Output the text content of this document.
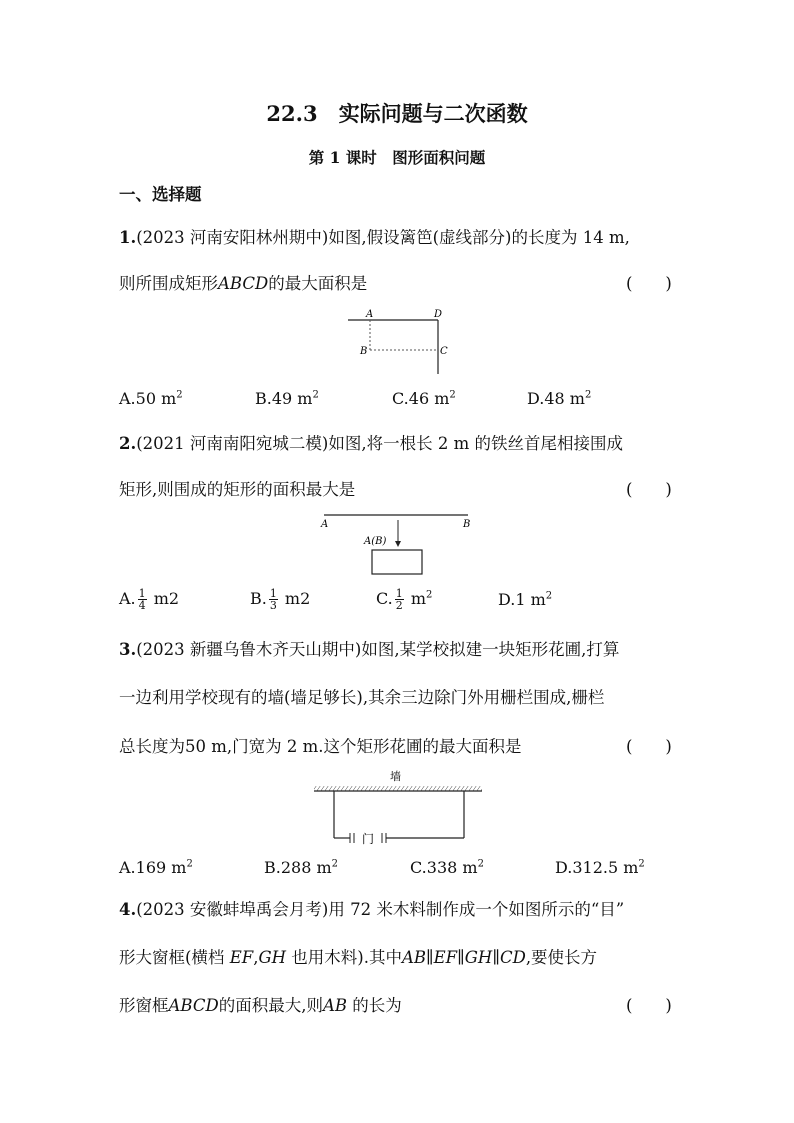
22.3　实际问题与二次函数
第 1 课时　图形面积问题
一、选择题
1.(2023 河南安阳林州期中)如图,假设篱笆(虚线部分)的长度为 14 m,
则所围成矩形ABCD的最大面积是	(　　)
A	D
B	C
A.50 $m^2$	B.49 $m^2$	C.46 $m^2$	D.48 $m^2$
2.(2021 河南南阳宛城二模)如图,将一根长 2 m 的铁丝首尾相接围成
矩形,则围成的矩形的面积最大是	(　　)
A	B
A(B)
A. $\frac{1}{4} m2$	B. $\frac{1}{3} m2$	C. $\frac{1}{2} m^2$	D.1 $m^2$
3.(2023 新疆乌鲁木齐天山期中)如图,某学校拟建一块矩形花圃,打算
一边利用学校现有的墙(墙足够长),其余三边除门外用栅栏围成,栅栏
总长度为50 m,门宽为 2 m.这个矩形花圃的最大面积是	(　　)
墙
门
A.169 $m^2$	B.288 $m^2$	C.338 $m^2$	D.312.5 $m^2$
4.(2023 安徽蚌埠禹会月考)用 72 米木料制作成一个如图所示的“目”
形大窗框(横档 EF,GH 也用木料).其中AB∥EF∥GH∥CD,要使长方
形窗框ABCD的面积最大,则AB 的长为	(　　)
